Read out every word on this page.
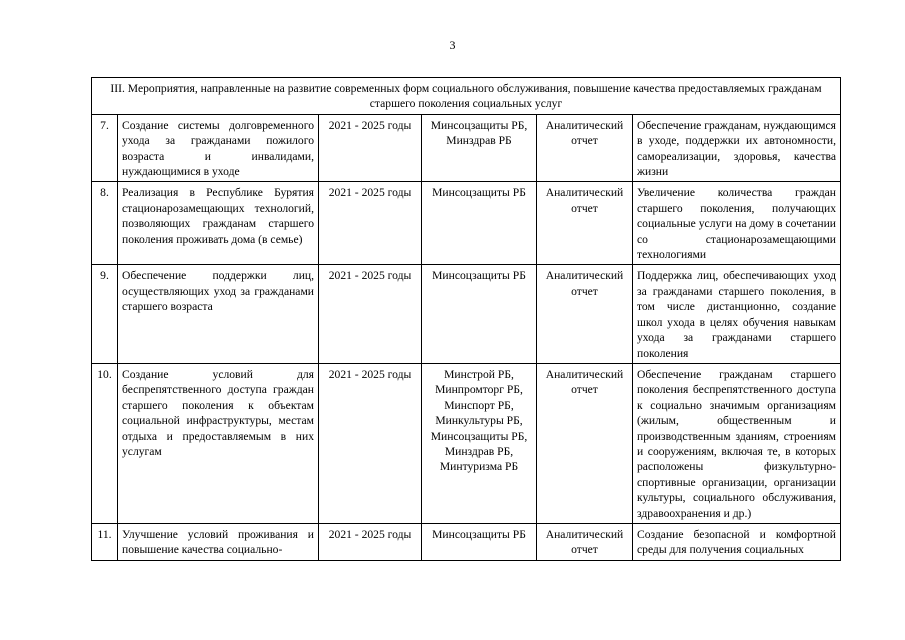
3
III. Мероприятия, направленные на развитие современных форм социального обслуживания, повышение качества предоставляемых гражданам старшего поколения социальных услуг					
7.	Создание системы долговременного ухода за гражданами пожилого возраста и инвалидами, нуждающимися в уходе	2021 - 2025 годы	Минсоцзащиты РБ, Минздрав РБ	Аналитический отчет	Обеспечение гражданам, нуждающимся в уходе, поддержки их автономности, самореализации, здоровья, качества жизни
8.	Реализация в Республике Бурятия стационарозамещающих технологий, позволяющих гражданам старшего поколения проживать дома (в семье)	2021 - 2025 годы	Минсоцзащиты РБ	Аналитический отчет	Увеличение количества граждан старшего поколения, получающих социальные услуги на дому в сочетании со стационарозамещающими технологиями
9.	Обеспечение поддержки лиц, осуществляющих уход за гражданами старшего возраста	2021 - 2025 годы	Минсоцзащиты РБ	Аналитический отчет	Поддержка лиц, обеспечивающих уход за гражданами старшего поколения, в том числе дистанционно, создание школ ухода в целях обучения навыкам ухода за гражданами старшего поколения
10.	Создание условий для беспрепятственного доступа граждан старшего поколения к объектам социальной инфраструктуры, местам отдыха и предоставляемым в них услугам	2021 - 2025 годы	Минстрой РБ, Минпромторг РБ, Минспорт РБ, Минкультуры РБ, Минсоцзащиты РБ, Минздрав РБ, Минтуризма РБ	Аналитический отчет	Обеспечение гражданам старшего поколения беспрепятственного доступа к социально значимым организациям (жилым, общественным и производственным зданиям, строениям и сооружениям, включая те, в которых расположены физкультурно-спортивные организации, организации культуры, социального обслуживания, здравоохранения и др.)
11.	Улучшение условий проживания и повышение качества социально-	2021 - 2025 годы	Минсоцзащиты РБ	Аналитический отчет	Создание безопасной и комфортной среды для получения социальных
